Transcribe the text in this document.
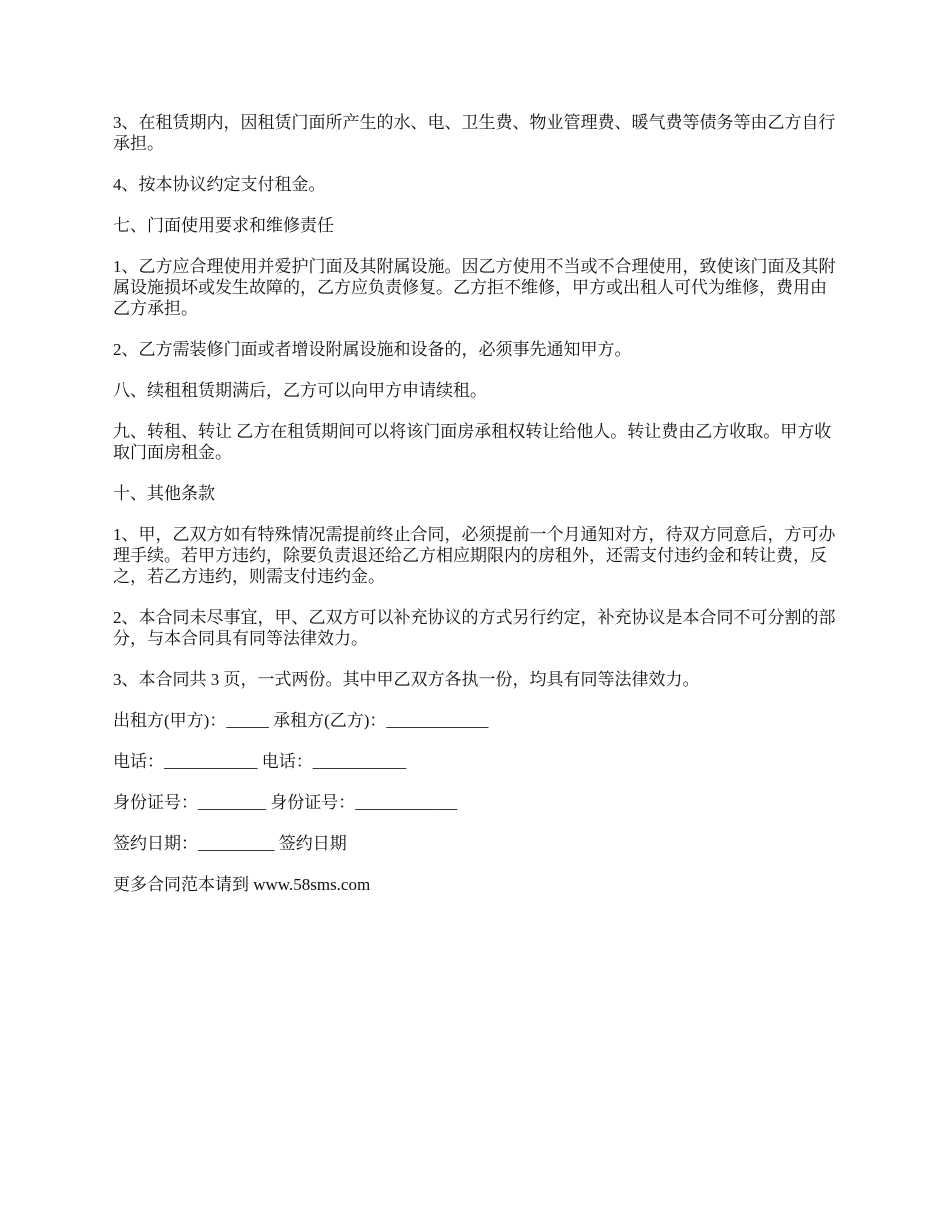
3、在租赁期内，因租赁门面所产生的水、电、卫生费、物业管理费、暖气费等债务等由乙方自行承担。

4、按本协议约定支付租金。

七、门面使用要求和维修责任

1、乙方应合理使用并爱护门面及其附属设施。因乙方使用不当或不合理使用，致使该门面及其附属设施损坏或发生故障的，乙方应负责修复。乙方拒不维修，甲方或出租人可代为维修，费用由乙方承担。

2、乙方需装修门面或者增设附属设施和设备的，必须事先通知甲方。

八、续租租赁期满后，乙方可以向甲方申请续租。

九、转租、转让 乙方在租赁期间可以将该门面房承租权转让给他人。转让费由乙方收取。甲方收取门面房租金。

十、其他条款

1、甲，乙双方如有特殊情况需提前终止合同，必须提前一个月通知对方，待双方同意后，方可办理手续。若甲方违约，除要负责退还给乙方相应期限内的房租外，还需支付违约金和转让费，反之，若乙方违约，则需支付违约金。

2、本合同未尽事宜，甲、乙双方可以补充协议的方式另行约定，补充协议是本合同不可分割的部分，与本合同具有同等法律效力。

3、本合同共 3 页，一式两份。其中甲乙双方各执一份，均具有同等法律效力。

出租方(甲方)：_____ 承租方(乙方)：____________

电话：___________ 电话：___________

身份证号：________ 身份证号：____________

签约日期：_________ 签约日期

更多合同范本请到 www.58sms.com
